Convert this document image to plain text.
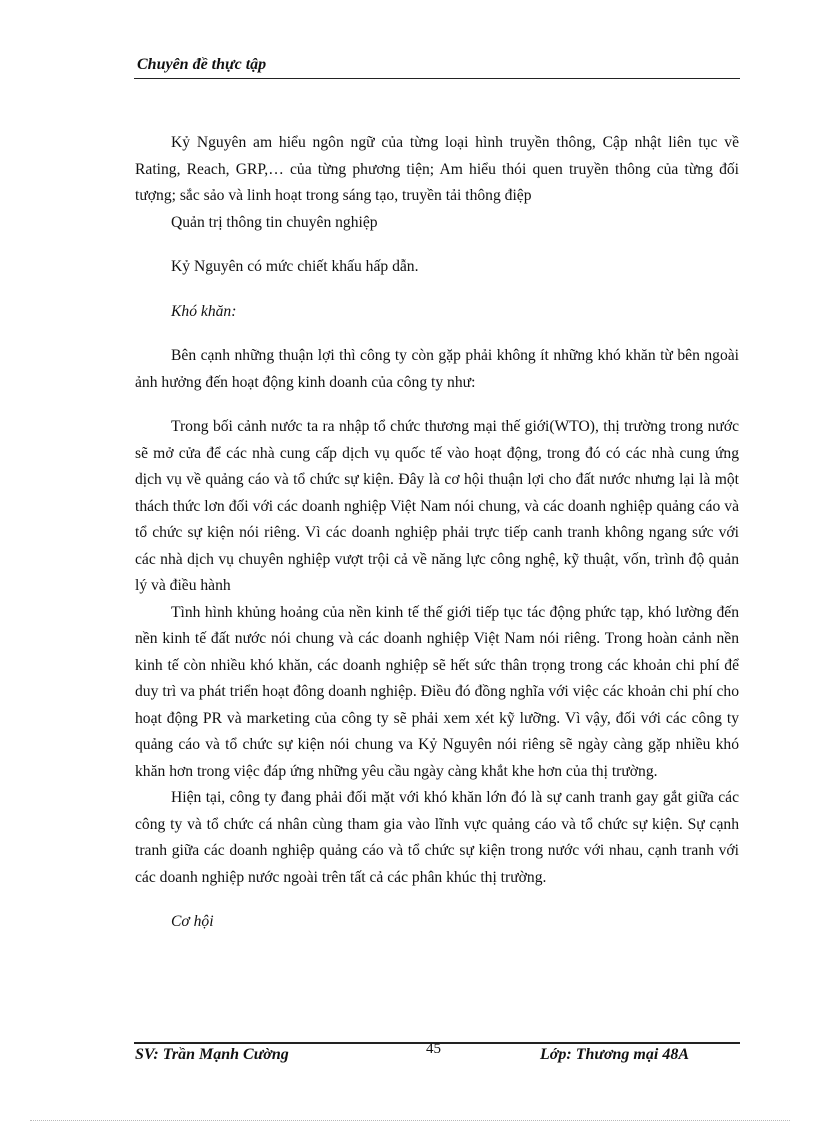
Chuyên đề thực tập

Kỷ Nguyên am hiểu ngôn ngữ của từng loại hình truyền thông, Cập nhật liên tục về Rating, Reach, GRP,… của từng phương tiện; Am hiểu thói quen truyền thông của từng đối tượng; sắc sảo và linh hoạt trong sáng tạo, truyền tải thông điệp

Quản trị thông tin chuyên nghiệp

Kỷ Nguyên có mức chiết khấu hấp dẫn.

Khó khăn:

Bên cạnh những thuận lợi thì công ty còn gặp phải không ít những khó khăn từ bên ngoài ảnh hưởng đến hoạt động kinh doanh của công ty như:

Trong bối cảnh nước ta ra nhập tổ chức thương mại thế giới(WTO), thị trường trong nước sẽ mở cửa để các nhà cung cấp dịch vụ quốc tế vào hoạt động, trong đó có các nhà cung ứng dịch vụ về quảng cáo và tổ chức sự kiện. Đây là cơ hội thuận lợi cho đất nước nhưng lại là một thách thức lơn đối với các doanh nghiệp Việt Nam nói chung, và các doanh nghiệp quảng cáo và tổ chức sự kiện nói riêng. Vì các doanh nghiệp phải trực tiếp canh tranh không ngang sức với các nhà dịch vụ chuyên nghiệp vượt trội cả về năng lực công nghệ, kỹ thuật, vốn, trình độ quản lý và điều hành

Tình hình khủng hoảng của nền kinh tế thế giới tiếp tục tác động phức tạp, khó lường đến nền kinh tế đất nước nói chung và các doanh nghiệp Việt Nam nói riêng. Trong hoàn cảnh nền kinh tế còn nhiều khó khăn, các doanh nghiệp sẽ hết sức thân trọng trong các khoản chi phí để duy trì va phát triển hoạt đông doanh nghiệp. Điều đó đồng nghĩa với việc các khoản chi phí cho hoạt động PR và marketing của công ty sẽ phải xem xét kỹ lưỡng. Vì vậy, đối với các công ty quảng cáo và tổ chức sự kiện nói chung va Kỷ Nguyên nói riêng sẽ ngày càng gặp nhiều khó khăn hơn trong việc đáp ứng những yêu cầu ngày càng khắt khe hơn của thị trường.

Hiện tại, công ty đang phải đối mặt với khó khăn lớn đó là sự canh tranh gay gắt giữa các công ty và tổ chức cá nhân cùng tham gia vào lĩnh vực quảng cáo và tổ chức sự kiện. Sự cạnh tranh giữa các doanh nghiệp quảng cáo và tổ chức sự kiện trong nước với nhau, cạnh tranh với các doanh nghiệp nước ngoài trên tất cả các phân khúc thị trường.

Cơ hội

SV: Trần Mạnh Cường	45	Lớp: Thương mại 48A
